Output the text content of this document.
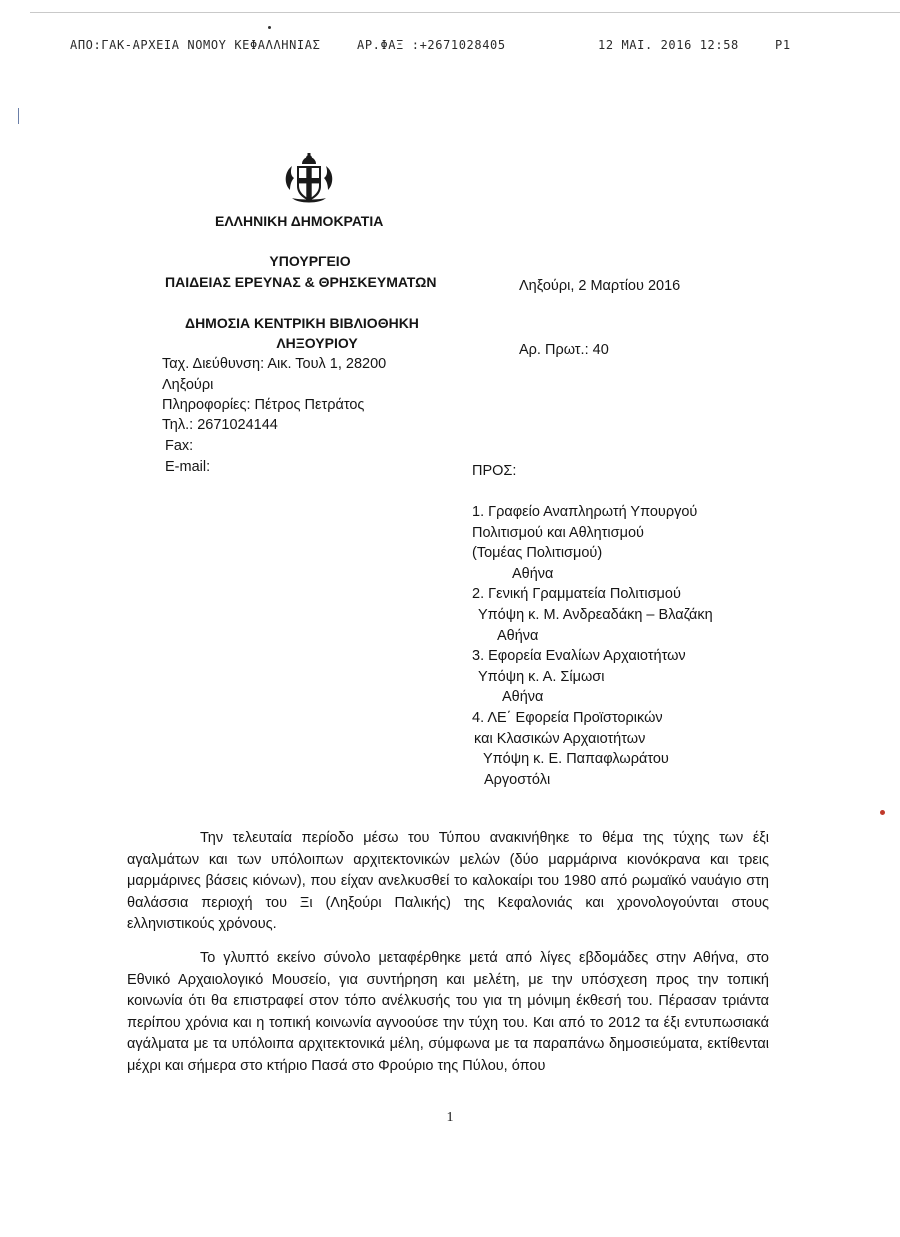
ΑΠΟ:ΓΑΚ-ΑΡΧΕΙΑ ΝΟΜΟΥ ΚΕΦΑΛΛΗΝΙΑΣ	ΑΡ.ΦΑΞ :+2671028405	12 ΜΑΙ. 2016 12:58	P1
ΕΛΛΗΝΙΚΗ ΔΗΜΟΚΡΑΤΙΑ
ΥΠΟΥΡΓΕΙΟ
ΠΑΙΔΕΙΑΣ ΕΡΕΥΝΑΣ & ΘΡΗΣΚΕΥΜΑΤΩΝ
ΔΗΜΟΣΙΑ ΚΕΝΤΡΙΚΗ ΒΙΒΛΙΟΘΗΚΗ
ΛΗΞΟΥΡΙΟΥ
Ταχ. Διεύθυνση: Αικ. Τουλ 1, 28200
Ληξούρι
Πληροφορίες: Πέτρος Πετράτος
Τηλ.: 2671024144
Fax:
E-mail:
Ληξούρι, 2 Μαρτίου 2016
Αρ. Πρωτ.: 40
ΠΡΟΣ:
1. Γραφείο Αναπληρωτή Υπουργού
Πολιτισμού και Αθλητισμού
(Τομέας Πολιτισμού)
Αθήνα
2. Γενική Γραμματεία Πολιτισμού
Υπόψη κ. Μ. Ανδρεαδάκη – Βλαζάκη
Αθήνα
3. Εφορεία Εναλίων Αρχαιοτήτων
Υπόψη κ. Α. Σίμωσι
Αθήνα
4. ΛΕ΄ Εφορεία Προϊστορικών
και Κλασικών Αρχαιοτήτων
Υπόψη κ. Ε. Παπαφλωράτου
Αργοστόλι
Την τελευταία περίοδο μέσω του Τύπου ανακινήθηκε το θέμα της τύχης των έξι αγαλμάτων και των υπόλοιπων αρχιτεκτονικών μελών (δύο μαρμάρινα κιονόκρανα και τρεις μαρμάρινες βάσεις κιόνων), που είχαν ανελκυσθεί το καλοκαίρι του 1980 από ρωμαϊκό ναυάγιο στη θαλάσσια περιοχή του Ξι (Ληξούρι Παλικής) της Κεφαλονιάς και χρονολογούνται στους ελληνιστικούς χρόνους.
Το γλυπτό εκείνο σύνολο μεταφέρθηκε μετά από λίγες εβδομάδες στην Αθήνα, στο Εθνικό Αρχαιολογικό Μουσείο, για συντήρηση και μελέτη, με την υπόσχεση προς την τοπική κοινωνία ότι θα επιστραφεί στον τόπο ανέλκυσής του για τη μόνιμη έκθεσή του. Πέρασαν τριάντα περίπου χρόνια και η τοπική κοινωνία αγνοούσε την τύχη του. Και από το 2012 τα έξι εντυπωσιακά αγάλματα με τα υπόλοιπα αρχιτεκτονικά μέλη, σύμφωνα με τα παραπάνω δημοσιεύματα, εκτίθενται μέχρι και σήμερα στο κτήριο Πασά στο Φρούριο της Πύλου, όπου
1
